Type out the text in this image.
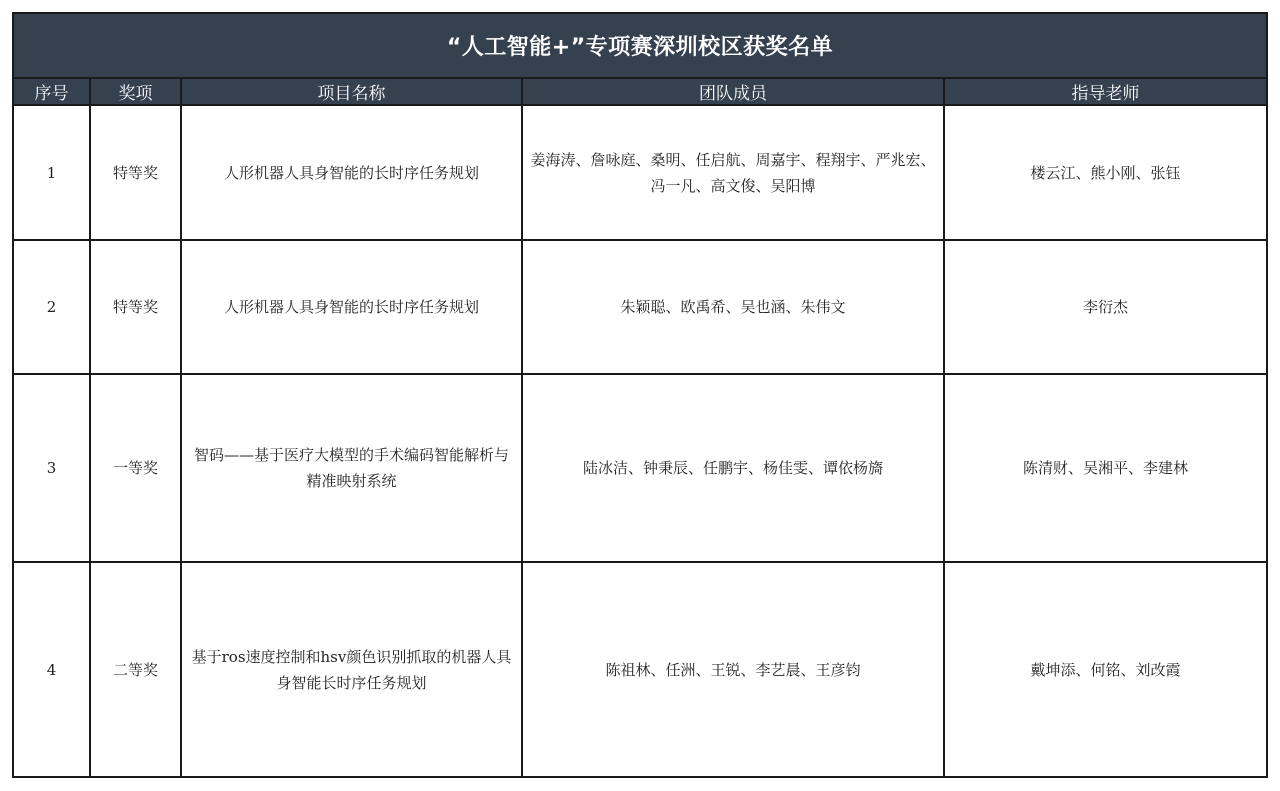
“人工智能+”专项赛深圳校区获奖名单
序号	奖项	项目名称	团队成员	指导老师
1	特等奖	人形机器人具身智能的长时序任务规划	姜海涛、詹咏庭、桑明、任启航、周嘉宇、程翔宇、严兆宏、冯一凡、高文俊、吴阳博	楼云江、熊小刚、张钰
2	特等奖	人形机器人具身智能的长时序任务规划	朱颖聪、欧禹希、吴也涵、朱伟文	李衍杰
3	一等奖	智码——基于医疗大模型的手术编码智能解析与精准映射系统	陆冰洁、钟秉辰、任鹏宇、杨佳雯、谭依杨旖	陈清财、吴湘平、李建林
4	二等奖	基于ros速度控制和hsv颜色识别抓取的机器人具身智能长时序任务规划	陈祖林、任洲、王锐、李艺晨、王彦钧	戴坤添、何铭、刘改霞
